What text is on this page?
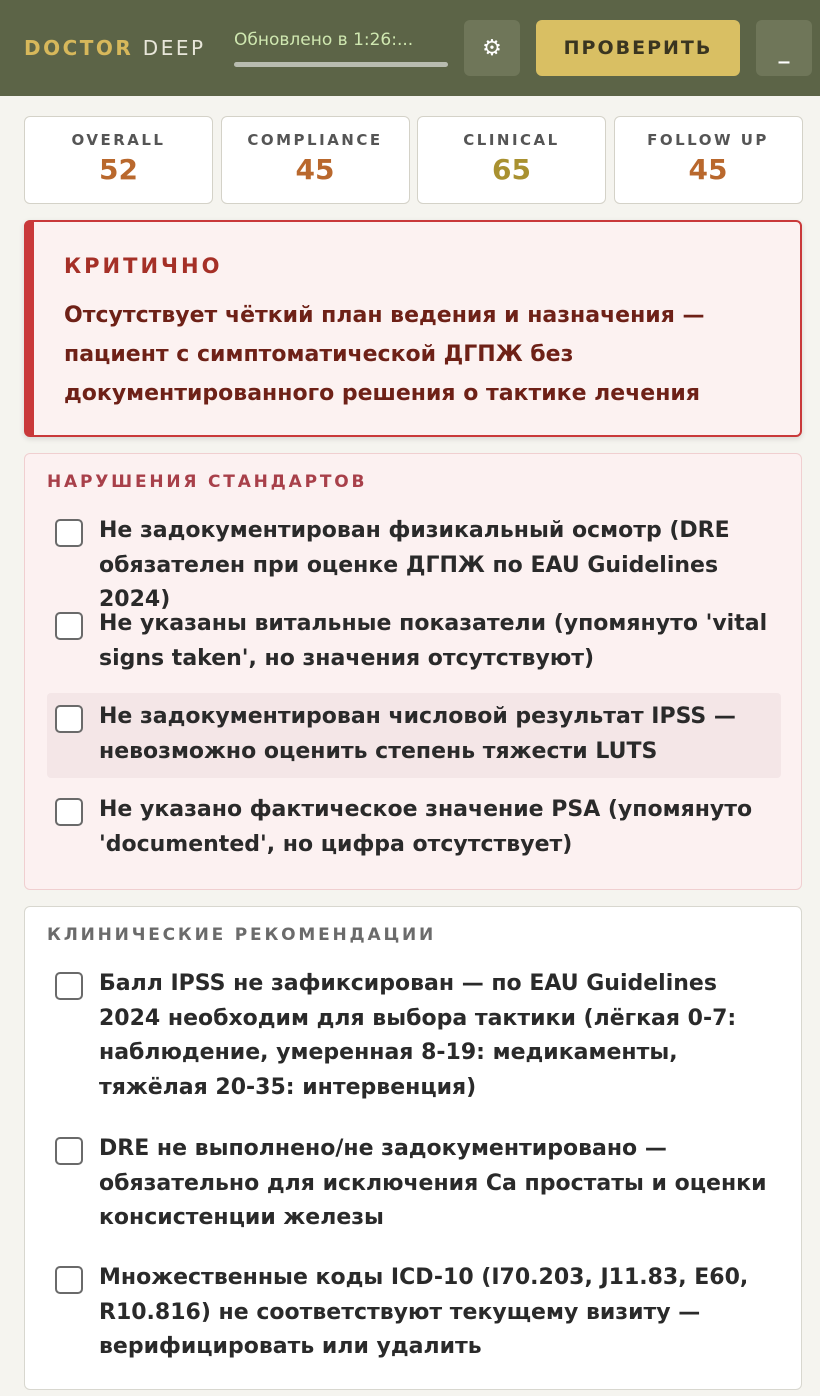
DOCTOR DEEP Обновлено в 1:26:...	⚙	ПРОВЕРИТЬ	_
OVERALL
52
COMPLIANCE
45
CLINICAL
65
FOLLOW UP
45
КРИТИЧНО
Отсутствует чёткий план ведения и назначения — пациент с симптоматической ДГПЖ без документированного решения о тактике лечения
НАРУШЕНИЯ СТАНДАРТОВ
Не задокументирован физикальный осмотр (DRE обязателен при оценке ДГПЖ по EAU Guidelines 2024)
Не указаны витальные показатели (упомянуто 'vital signs taken', но значения отсутствуют)
Не задокументирован числовой результат IPSS — невозможно оценить степень тяжести LUTS
Не указано фактическое значение PSA (упомянуто 'documented', но цифра отсутствует)
КЛИНИЧЕСКИЕ РЕКОМЕНДАЦИИ
Балл IPSS не зафиксирован — по EAU Guidelines 2024 необходим для выбора тактики (лёгкая 0-7: наблюдение, умеренная 8-19: медикаменты, тяжёлая 20-35: интервенция)
DRE не выполнено/не задокументировано — обязательно для исключения Ca простаты и оценки консистенции железы
Множественные коды ICD-10 (I70.203, J11.83, E60, R10.816) не соответствуют текущему визиту — верифицировать или удалить
